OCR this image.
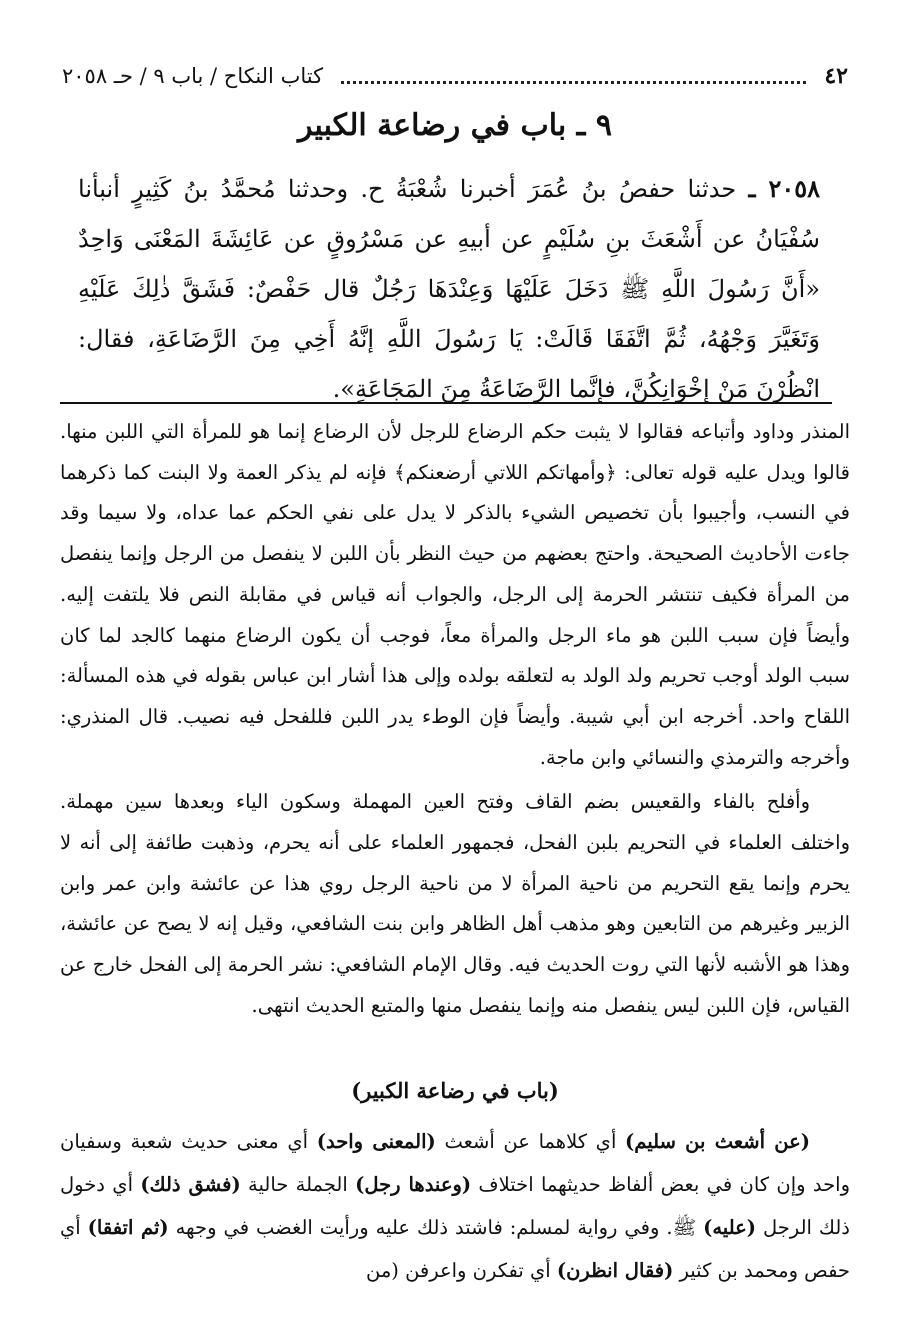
٤٢
كتاب النكاح / باب ٩ / حـ ٢٠٥٨
٩ ـ باب في رضاعة الكبير
٢٠٥٨ ـ حدثنا حفصُ بنُ عُمَرَ أخبرنا شُعْبَةُ ح. وحدثنا مُحمَّدُ بنُ كَثِيرٍ أنبأنا سُفْيَانُ عن أَشْعَثَ بنِ سُلَيْمٍ عن أبيهِ عن مَسْرُوقٍ عن عَائِشَةَ المَعْنَى وَاحِدٌ «أَنَّ رَسُولَ اللَّهِ ﷺ دَخَلَ عَلَيْهَا وَعِنْدَهَا رَجُلٌ قال حَفْصٌ: فَشَقَّ ذٰلِكَ عَلَيْهِ وَتَغَيَّرَ وَجْهُهُ، ثُمَّ اتَّفَقَا قَالَتْ: يَا رَسُولَ اللَّهِ إنَّهُ أَخِي مِنَ الرَّضَاعَةِ، فقال: انْظُرْنَ مَنْ إخْوَانِكُنَّ، فإنَّما الرَّضَاعَةُ مِنَ المَجَاعَةِ».

المنذر وداود وأتباعه فقالوا لا يثبت حكم الرضاع للرجل لأن الرضاع إنما هو للمرأة التي اللبن منها. قالوا ويدل عليه قوله تعالى: ﴿وأمهاتكم اللاتي أرضعنكم﴾ فإنه لم يذكر العمة ولا البنت كما ذكرهما في النسب، وأجيبوا بأن تخصيص الشيء بالذكر لا يدل على نفي الحكم عما عداه، ولا سيما وقد جاءت الأحاديث الصحيحة. واحتج بعضهم من حيث النظر بأن اللبن لا ينفصل من الرجل وإنما ينفصل من المرأة فكيف تنتشر الحرمة إلى الرجل، والجواب أنه قياس في مقابلة النص فلا يلتفت إليه. وأيضاً فإن سبب اللبن هو ماء الرجل والمرأة معاً، فوجب أن يكون الرضاع منهما كالجد لما كان سبب الولد أوجب تحريم ولد الولد به لتعلقه بولده وإلى هذا أشار ابن عباس بقوله في هذه المسألة: اللقاح واحد. أخرجه ابن أبي شيبة. وأيضاً فإن الوطء يدر اللبن فللفحل فيه نصيب. قال المنذري: وأخرجه والترمذي والنسائي وابن ماجة.

وأفلح بالفاء والقعيس بضم القاف وفتح العين المهملة وسكون الياء وبعدها سين مهملة. واختلف العلماء في التحريم بلبن الفحل، فجمهور العلماء على أنه يحرم، وذهبت طائفة إلى أنه لا يحرم وإنما يقع التحريم من ناحية المرأة لا من ناحية الرجل روي هذا عن عائشة وابن عمر وابن الزبير وغيرهم من التابعين وهو مذهب أهل الظاهر وابن بنت الشافعي، وقيل إنه لا يصح عن عائشة، وهذا هو الأشبه لأنها التي روت الحديث فيه. وقال الإمام الشافعي: نشر الحرمة إلى الفحل خارج عن القياس، فإن اللبن ليس ينفصل منه وإنما ينفصل منها والمتبع الحديث انتهى.

(باب في رضاعة الكبير)

(عن أشعث بن سليم) أي كلاهما عن أشعث (المعنى واحد) أي معنى حديث شعبة وسفيان واحد وإن كان في بعض ألفاظ حديثهما اختلاف (وعندها رجل) الجملة حالية (فشق ذلك) أي دخول ذلك الرجل (عليه) ﷺ. وفي رواية لمسلم: فاشتد ذلك عليه ورأيت الغضب في وجهه (ثم اتفقا) أي حفص ومحمد بن كثير (فقال انظرن) أي تفكرن واعرفن (من
